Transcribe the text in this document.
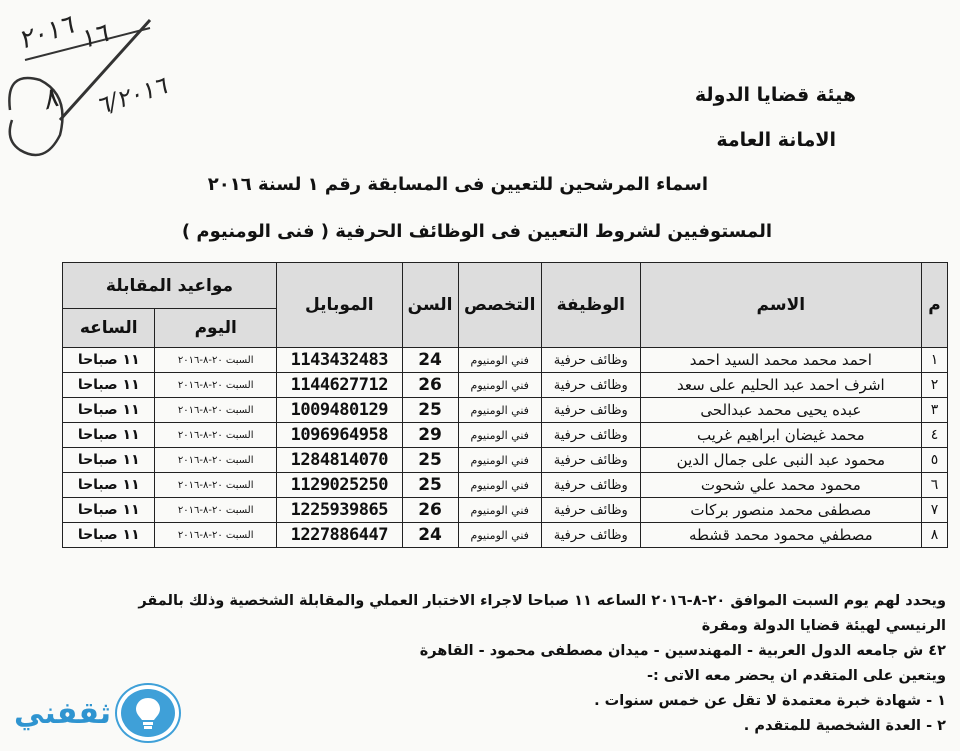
٢٠١٦
١٦
٦/٢٠١٦
٨	هيئة قضايا الدولة
الامانة العامة
اسماء المرشحين للتعيين فى المسابقة رقم ١ لسنة ٢٠١٦
المستوفيين لشروط التعيين فى الوظائف الحرفية ( فنى الومنيوم )
م	الاسم	الوظيفة	التخصص	السن	الموبايل	مواعيد المقابلة	
						اليوم	الساعه
١	احمد محمد محمد السيد احمد	وظائف حرفية	فني الومنيوم	24	1143432483	السبت ٢٠-٨-٢٠١٦	١١ صباحا
٢	اشرف احمد عبد الحليم على سعد	وظائف حرفية	فني الومنيوم	26	1144627712	السبت ٢٠-٨-٢٠١٦	١١ صباحا
٣	عبده يحيى محمد عبدالحى	وظائف حرفية	فني الومنيوم	25	1009480129	السبت ٢٠-٨-٢٠١٦	١١ صباحا
٤	محمد غيضان ابراهيم غريب	وظائف حرفية	فني الومنيوم	29	1096964958	السبت ٢٠-٨-٢٠١٦	١١ صباحا
٥	محمود عبد النبى على جمال الدين	وظائف حرفية	فني الومنيوم	25	1284814070	السبت ٢٠-٨-٢٠١٦	١١ صباحا
٦	محمود محمد علي شحوت	وظائف حرفية	فني الومنيوم	25	1129025250	السبت ٢٠-٨-٢٠١٦	١١ صباحا
٧	مصطفى محمد منصور بركات	وظائف حرفية	فني الومنيوم	26	1225939865	السبت ٢٠-٨-٢٠١٦	١١ صباحا
٨	مصطفي محمود محمد قشطه	وظائف حرفية	فني الومنيوم	24	1227886447	السبت ٢٠-٨-٢٠١٦	١١ صباحا

ويحدد لهم يوم السبت الموافق ٢٠-٨-٢٠١٦ الساعه ١١ صباحا لاجراء الاختبار العملي والمقابلة الشخصية وذلك بالمقر

الرنيسي لهيئة قضايا الدولة ومقرة

٤٢ ش جامعه الدول العربية - المهندسين - ميدان مصطفى محمود - القاهرة

ويتعين على المتقدم ان يحضر معه الاتى :-

١ - شهادة خبرة معتمدة لا تقل عن خمس سنوات .

٢ - العدة الشخصية للمتقدم .

ثقفني
